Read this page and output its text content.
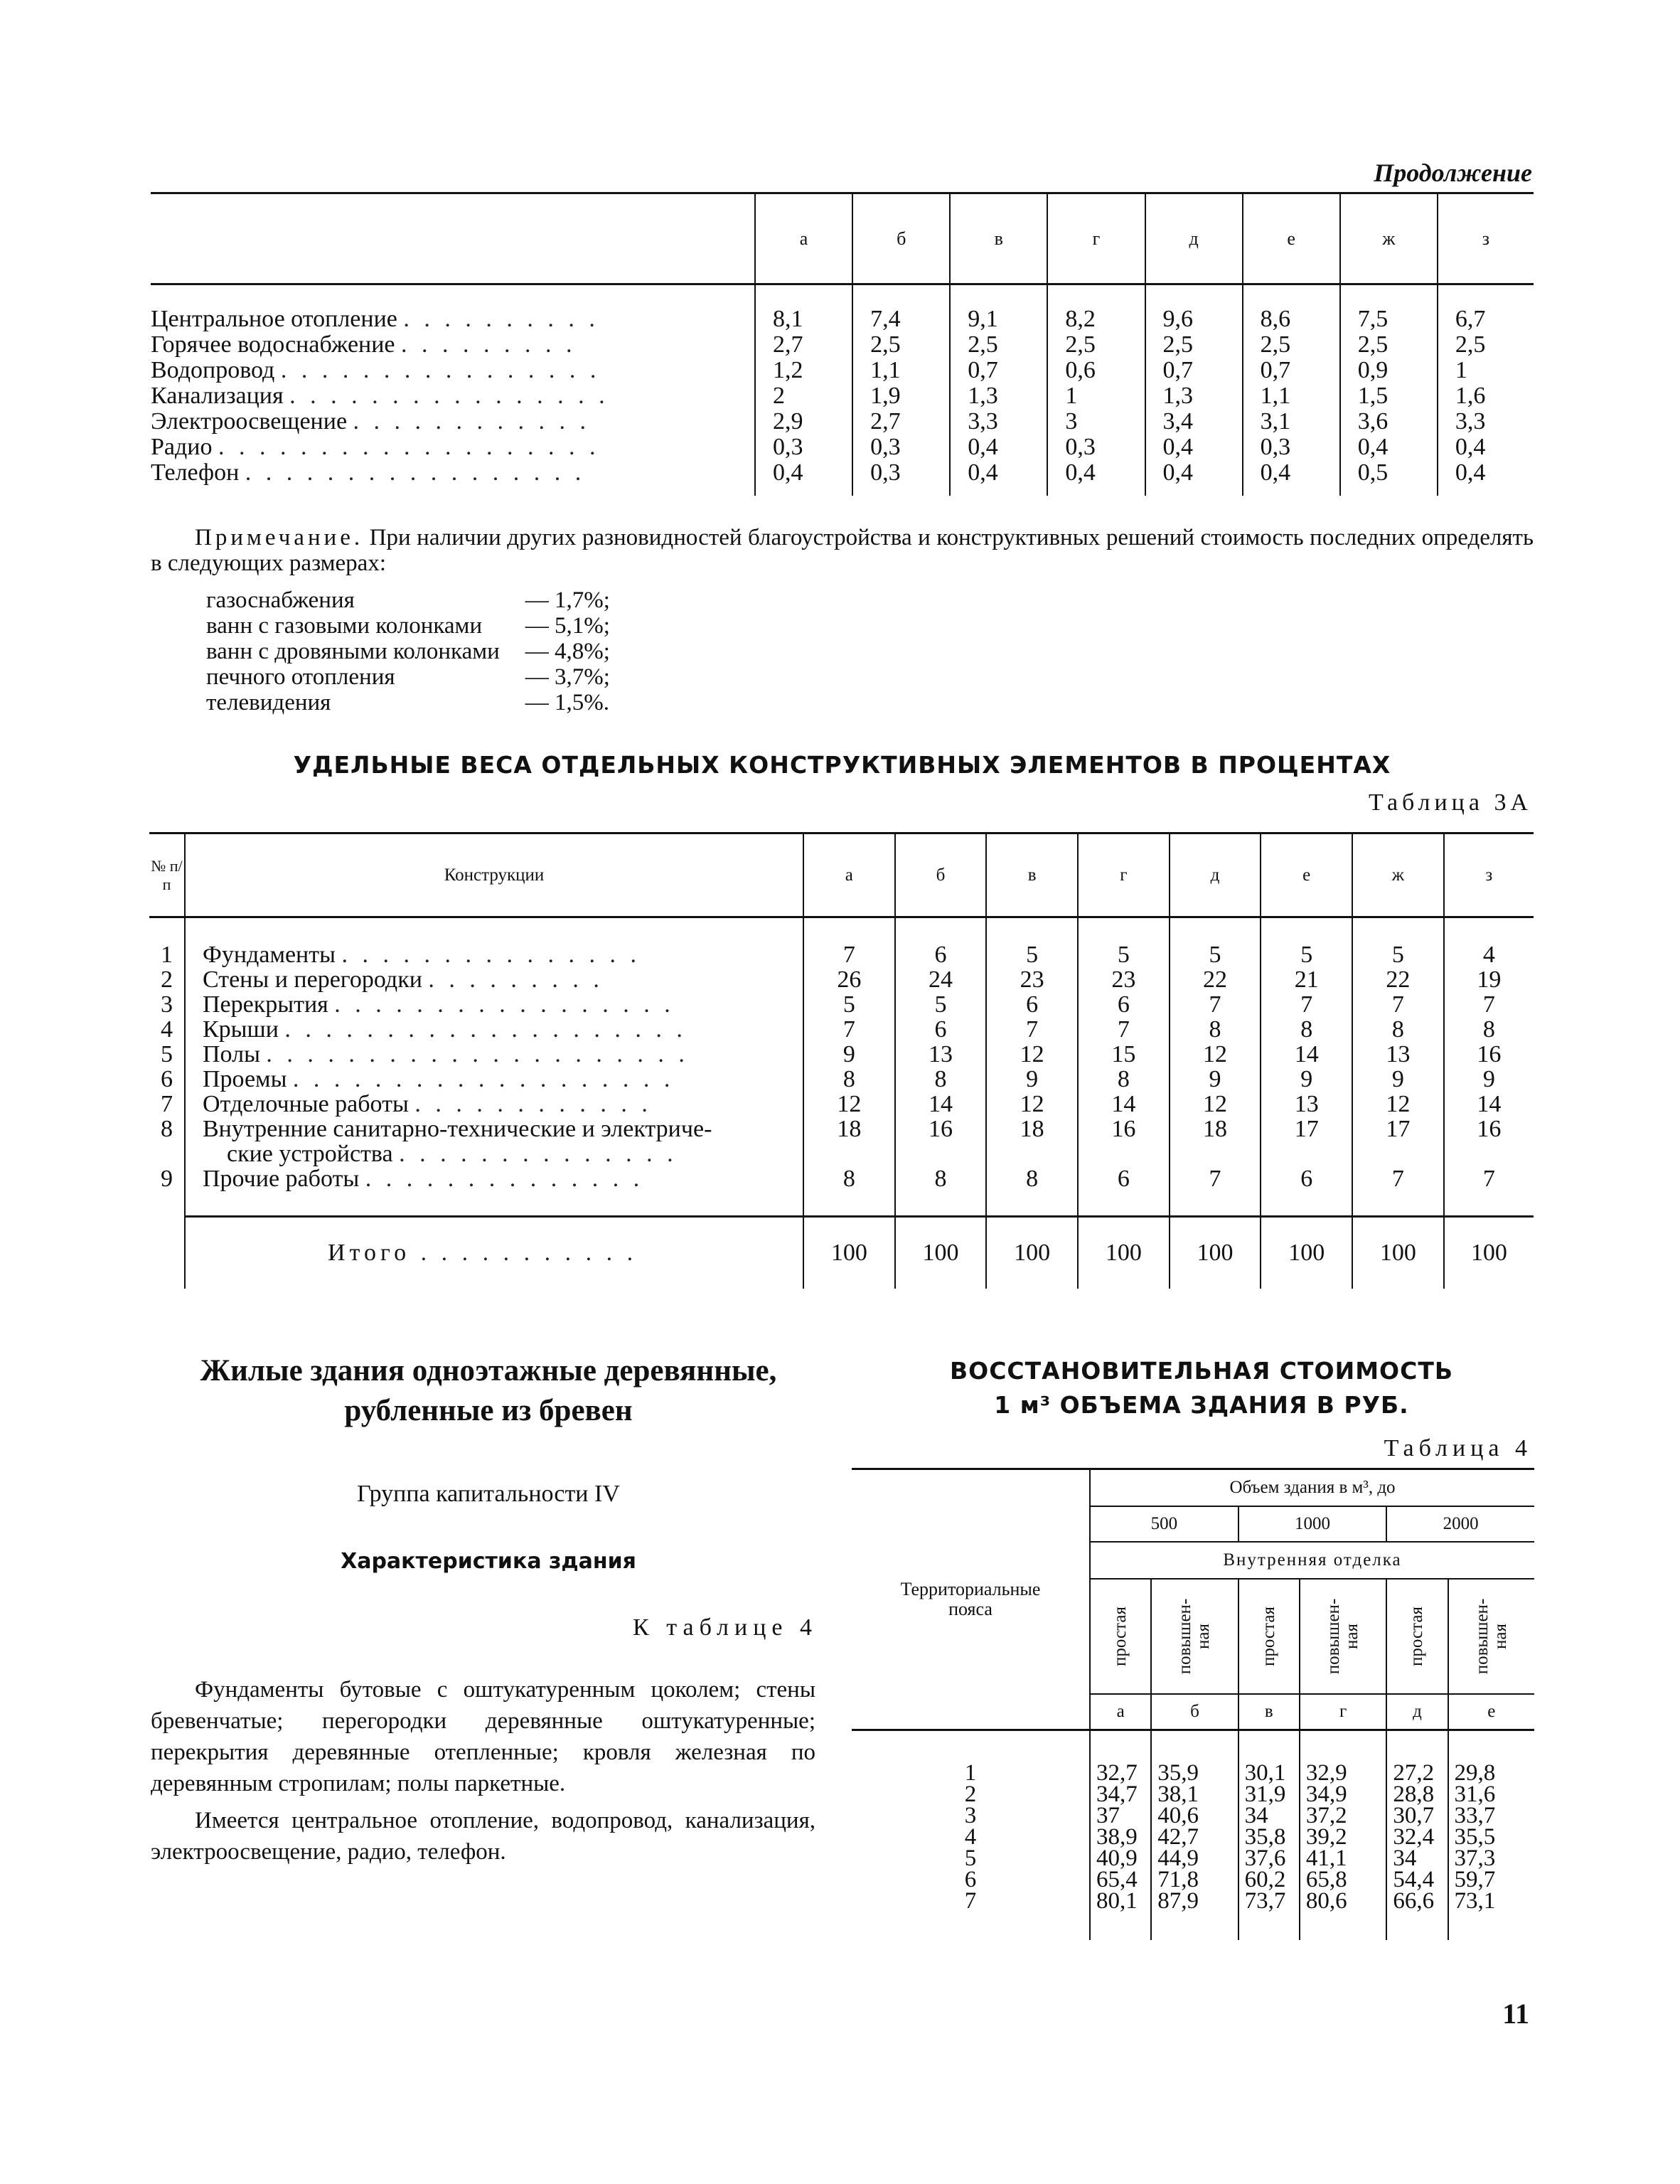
Продолжение
	а	б	в	г	д	е	ж	з
Центральное отопление . . . . . . . . . .	8,1	7,4	9,1	8,2	9,6	8,6	7,5	6,7
Горячее водоснабжение . . . . . . . . .	2,7	2,5	2,5	2,5	2,5	2,5	2,5	2,5
Водопровод . . . . . . . . . . . . . . . .	1,2	1,1	0,7	0,6	0,7	0,7	0,9	1
Канализация . . . . . . . . . . . . . . . .	2	1,9	1,3	1	1,3	1,1	1,5	1,6
Электроосвещение . . . . . . . . . . . .	2,9	2,7	3,3	3	3,4	3,1	3,6	3,3
Радио . . . . . . . . . . . . . . . . . . .	0,3	0,3	0,4	0,3	0,4	0,3	0,4	0,4
Телефон . . . . . . . . . . . . . . . . .	0,4	0,3	0,4	0,4	0,4	0,4	0,5	0,4
Примечание. При наличии других разновидностей благоустройства и конструктивных решений стоимость последних определять в следующих размерах:
газоснабжения	— 1,7%;
ванн с газовыми колонками	— 5,1%;
ванн с дровяными колонками	— 4,8%;
печного отопления	— 3,7%;
телевидения	— 1,5%.
УДЕЛЬНЫЕ ВЕСА ОТДЕЛЬНЫХ КОНСТРУКТИВНЫХ ЭЛЕМЕНТОВ В ПРОЦЕНТАХ
Таблица 3А
№ п/п	Конструкции	а	б	в	г	д	е	ж	з
1	Фундаменты . . . . . . . . . . . . . . .	7	6	5	5	5	5	5	4
2	Стены и перегородки . . . . . . . . .	26	24	23	23	22	21	22	19
3	Перекрытия . . . . . . . . . . . . . . . . .	5	5	6	6	7	7	7	7
4	Крыши . . . . . . . . . . . . . . . . . . . .	7	6	7	7	8	8	8	8
5	Полы . . . . . . . . . . . . . . . . . . . . .	9	13	12	15	12	14	13	16
6	Проемы . . . . . . . . . . . . . . . . . . .	8	8	9	8	9	9	9	9
7	Отделочные работы . . . . . . . . . . . .	12	14	12	14	12	13	12	14
8	Внутренние санитарно-технические и электриче-
ские устройства . . . . . . . . . . . . . .	18	16	18	16	18	17	17	16
9	Прочие работы . . . . . . . . . . . . . .	8	8	8	6	7	6	7	7
	Итого . . . . . . . . . . .	100	100	100	100	100	100	100	100
Жилые здания одноэтажные деревянные,
рубленные из бревен
Группа капитальности IV
Характеристика здания
К таблице 4

Фундаменты бутовые с оштукатуренным цоколем; стены бревенчатые; перегородки деревянные оштукатуренные; перекрытия деревянные отепленные; кровля железная по деревянным стропилам; полы паркетные.

Имеется центральное отопление, водопровод, канализация, электроосвещение, радио, телефон.

ВОССТАНОВИТЕЛЬНАЯ СТОИМОСТЬ
1 м³ ОБЪЕМА ЗДАНИЯ В РУБ.
Таблица 4
Территориальные пояса	Объем здания в м³, до					
	500		1000		2000	
	Внутренняя отделка					
	простая	повышен-ная	простая	повышен-ная	простая	повышен-ная
	а	б	в	г	д	е
1	32,7	35,9	30,1	32,9	27,2	29,8
2	34,7	38,1	31,9	34,9	28,8	31,6
3	37	40,6	34	37,2	30,7	33,7
4	38,9	42,7	35,8	39,2	32,4	35,5
5	40,9	44,9	37,6	41,1	34	37,3
6	65,4	71,8	60,2	65,8	54,4	59,7
7	80,1	87,9	73,7	80,6	66,6	73,1
11
